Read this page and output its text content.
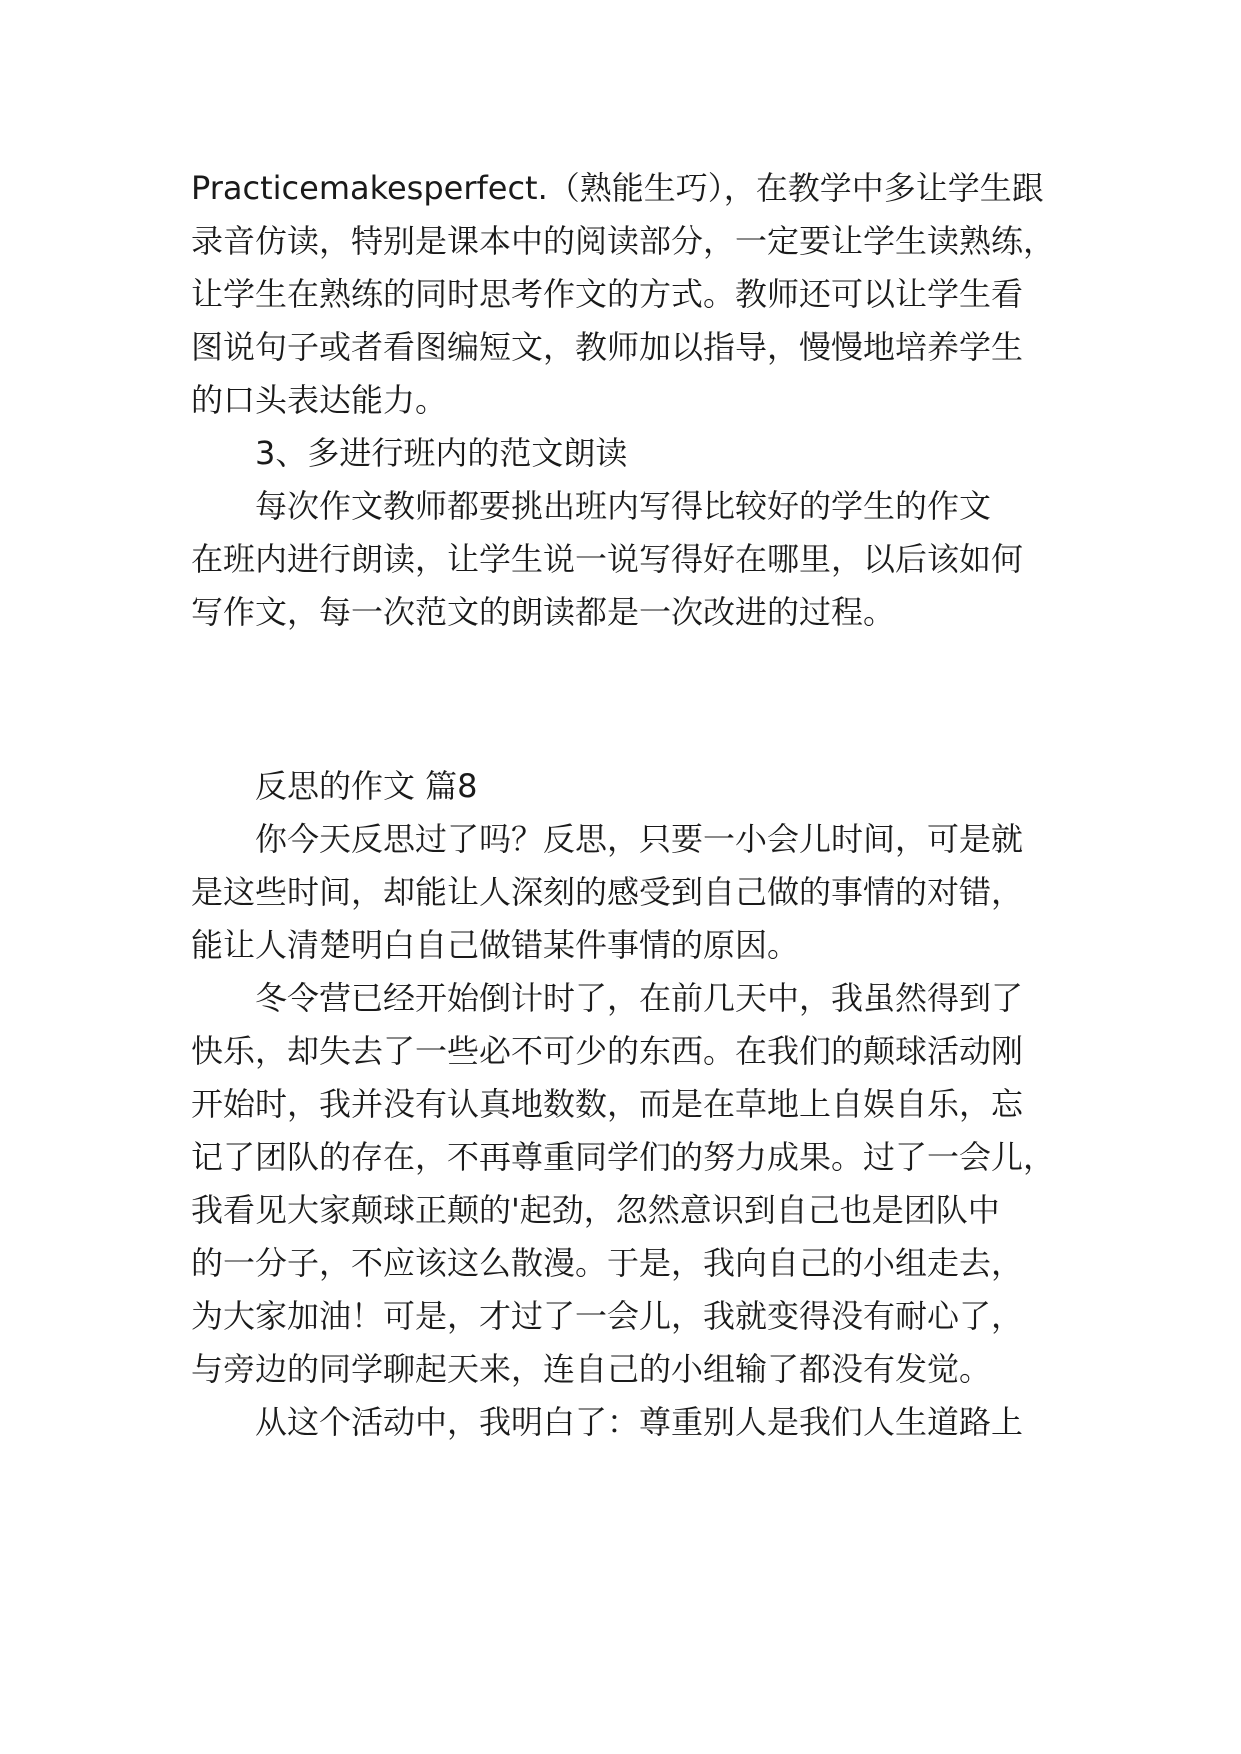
Practicemakesperfect.（熟能生巧），在教学中多让学生跟
录音仿读，特别是课本中的阅读部分，一定要让学生读熟练，
让学生在熟练的同时思考作文的方式。教师还可以让学生看
图说句子或者看图编短文，教师加以指导，慢慢地培养学生
的口头表达能力。
3、多进行班内的范文朗读
每次作文教师都要挑出班内写得比较好的学生的作文
在班内进行朗读，让学生说一说写得好在哪里，以后该如何
写作文，每一次范文的朗读都是一次改进的过程。
反思的作文 篇8
你今天反思过了吗？反思，只要一小会儿时间，可是就
是这些时间，却能让人深刻的感受到自己做的事情的对错，
能让人清楚明白自己做错某件事情的原因。
冬令营已经开始倒计时了，在前几天中，我虽然得到了
快乐，却失去了一些必不可少的东西。在我们的颠球活动刚
开始时，我并没有认真地数数，而是在草地上自娱自乐，忘
记了团队的存在，不再尊重同学们的努力成果。过了一会儿，
我看见大家颠球正颠的'起劲，忽然意识到自己也是团队中
的一分子，不应该这么散漫。于是，我向自己的小组走去，
为大家加油！可是，才过了一会儿，我就变得没有耐心了，
与旁边的同学聊起天来，连自己的小组输了都没有发觉。
从这个活动中，我明白了：尊重别人是我们人生道路上
